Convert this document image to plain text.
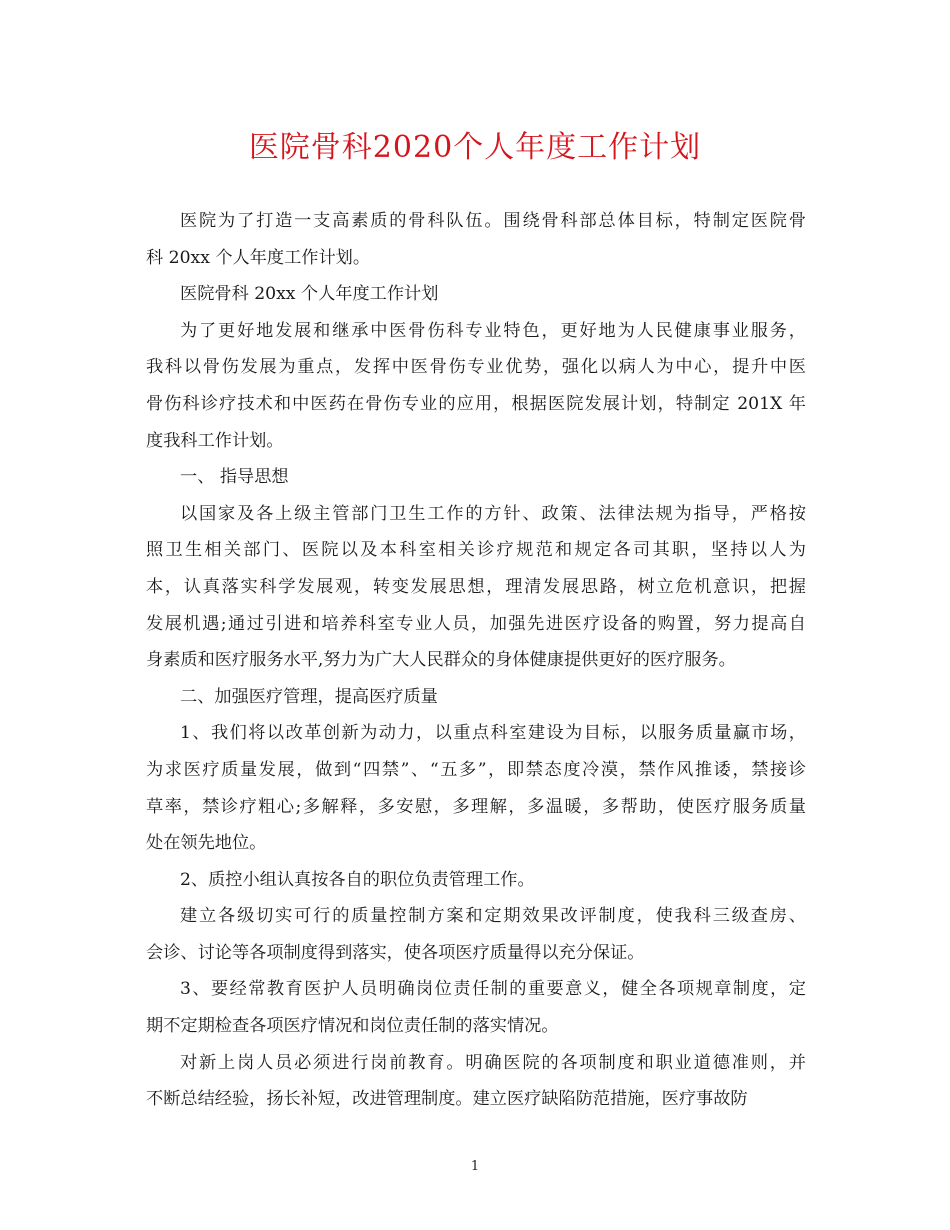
医院骨科2020个人年度工作计划

医院为了打造一支高素质的骨科队伍。围绕骨科部总体目标，特制定医院骨
科 20xx 个人年度工作计划。

医院骨科 20xx 个人年度工作计划

为了更好地发展和继承中医骨伤科专业特色，更好地为人民健康事业服务，
我科以骨伤发展为重点，发挥中医骨伤专业优势，强化以病人为中心，提升中医
骨伤科诊疗技术和中医药在骨伤专业的应用，根据医院发展计划，特制定 201X 年
度我科工作计划。

一、 指导思想

以国家及各上级主管部门卫生工作的方针、政策、法律法规为指导，严格按
照卫生相关部门、医院以及本科室相关诊疗规范和规定各司其职，坚持以人为
本，认真落实科学发展观，转变发展思想，理清发展思路，树立危机意识，把握
发展机遇;通过引进和培养科室专业人员，加强先进医疗设备的购置，努力提高自
身素质和医疗服务水平,努力为广大人民群众的身体健康提供更好的医疗服务。

二、加强医疗管理，提高医疗质量

1、我们将以改革创新为动力，以重点科室建设为目标，以服务质量赢市场，
为求医疗质量发展，做到“四禁”、“五多”，即禁态度冷漠，禁作风推诿，禁接诊
草率，禁诊疗粗心;多解释，多安慰，多理解，多温暖，多帮助，使医疗服务质量
处在领先地位。

2、质控小组认真按各自的职位负责管理工作。

建立各级切实可行的质量控制方案和定期效果改评制度，使我科三级查房、
会诊、讨论等各项制度得到落实，使各项医疗质量得以充分保证。

3、要经常教育医护人员明确岗位责任制的重要意义，健全各项规章制度，定
期不定期检查各项医疗情况和岗位责任制的落实情况。

对新上岗人员必须进行岗前教育。明确医院的各项制度和职业道德准则，并
不断总结经验，扬长补短，改进管理制度。建立医疗缺陷防范措施，医疗事故防

1
